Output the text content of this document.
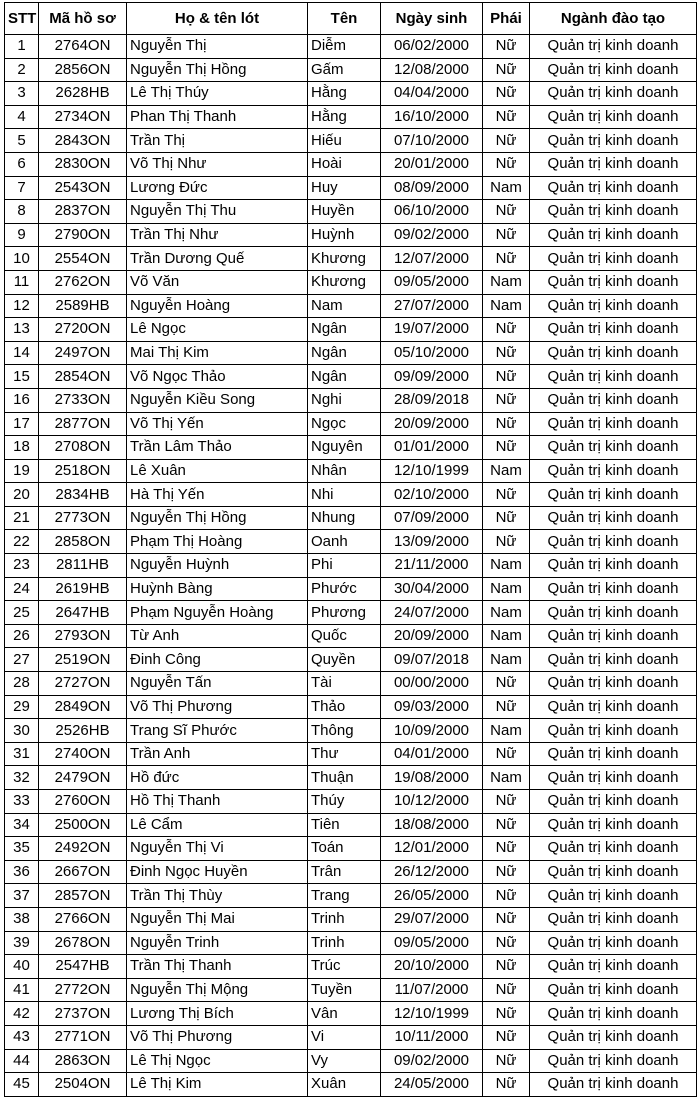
STT	Mã hồ sơ	Họ & tên lót	Tên	Ngày sinh	Phái	Ngành đào tạo
1	2764ON	Nguyễn Thị	Diễm	06/02/2000	Nữ	Quản trị kinh doanh
2	2856ON	Nguyễn Thị Hồng	Gấm	12/08/2000	Nữ	Quản trị kinh doanh
3	2628HB	Lê Thị Thúy	Hằng	04/04/2000	Nữ	Quản trị kinh doanh
4	2734ON	Phan Thị Thanh	Hằng	16/10/2000	Nữ	Quản trị kinh doanh
5	2843ON	Trần Thị	Hiếu	07/10/2000	Nữ	Quản trị kinh doanh
6	2830ON	Võ Thị Như	Hoài	20/01/2000	Nữ	Quản trị kinh doanh
7	2543ON	Lương Đức	Huy	08/09/2000	Nam	Quản trị kinh doanh
8	2837ON	Nguyễn Thị Thu	Huyền	06/10/2000	Nữ	Quản trị kinh doanh
9	2790ON	Trần Thị Như	Huỳnh	09/02/2000	Nữ	Quản trị kinh doanh
10	2554ON	Trần Dương Quế	Khương	12/07/2000	Nữ	Quản trị kinh doanh
11	2762ON	Võ Văn	Khương	09/05/2000	Nam	Quản trị kinh doanh
12	2589HB	Nguyễn Hoàng	Nam	27/07/2000	Nam	Quản trị kinh doanh
13	2720ON	Lê Ngọc	Ngân	19/07/2000	Nữ	Quản trị kinh doanh
14	2497ON	Mai Thị Kim	Ngân	05/10/2000	Nữ	Quản trị kinh doanh
15	2854ON	Võ Ngọc Thảo	Ngân	09/09/2000	Nữ	Quản trị kinh doanh
16	2733ON	Nguyễn Kiều Song	Nghi	28/09/2018	Nữ	Quản trị kinh doanh
17	2877ON	Võ Thị Yến	Ngọc	20/09/2000	Nữ	Quản trị kinh doanh
18	2708ON	Trần Lâm Thảo	Nguyên	01/01/2000	Nữ	Quản trị kinh doanh
19	2518ON	Lê Xuân	Nhân	12/10/1999	Nam	Quản trị kinh doanh
20	2834HB	Hà Thị Yến	Nhi	02/10/2000	Nữ	Quản trị kinh doanh
21	2773ON	Nguyễn Thị Hồng	Nhung	07/09/2000	Nữ	Quản trị kinh doanh
22	2858ON	Phạm Thị Hoàng	Oanh	13/09/2000	Nữ	Quản trị kinh doanh
23	2811HB	Nguyễn Huỳnh	Phi	21/11/2000	Nam	Quản trị kinh doanh
24	2619HB	Huỳnh Bàng	Phước	30/04/2000	Nam	Quản trị kinh doanh
25	2647HB	Phạm Nguyễn Hoàng	Phương	24/07/2000	Nam	Quản trị kinh doanh
26	2793ON	Từ Anh	Quốc	20/09/2000	Nam	Quản trị kinh doanh
27	2519ON	Đinh Công	Quyền	09/07/2018	Nam	Quản trị kinh doanh
28	2727ON	Nguyễn Tấn	Tài	00/00/2000	Nữ	Quản trị kinh doanh
29	2849ON	Võ Thị Phương	Thảo	09/03/2000	Nữ	Quản trị kinh doanh
30	2526HB	Trang Sĩ Phước	Thông	10/09/2000	Nam	Quản trị kinh doanh
31	2740ON	Trần Anh	Thư	04/01/2000	Nữ	Quản trị kinh doanh
32	2479ON	Hồ đức	Thuận	19/08/2000	Nam	Quản trị kinh doanh
33	2760ON	Hồ Thị Thanh	Thúy	10/12/2000	Nữ	Quản trị kinh doanh
34	2500ON	Lê Cẩm	Tiên	18/08/2000	Nữ	Quản trị kinh doanh
35	2492ON	Nguyễn Thị Vi	Toán	12/01/2000	Nữ	Quản trị kinh doanh
36	2667ON	Đinh Ngọc Huyền	Trân	26/12/2000	Nữ	Quản trị kinh doanh
37	2857ON	Trần Thị Thùy	Trang	26/05/2000	Nữ	Quản trị kinh doanh
38	2766ON	Nguyễn Thị Mai	Trinh	29/07/2000	Nữ	Quản trị kinh doanh
39	2678ON	Nguyễn Trinh	Trinh	09/05/2000	Nữ	Quản trị kinh doanh
40	2547HB	Trần Thị Thanh	Trúc	20/10/2000	Nữ	Quản trị kinh doanh
41	2772ON	Nguyễn Thị Mộng	Tuyền	11/07/2000	Nữ	Quản trị kinh doanh
42	2737ON	Lương Thị Bích	Vân	12/10/1999	Nữ	Quản trị kinh doanh
43	2771ON	Võ Thị Phương	Vi	10/11/2000	Nữ	Quản trị kinh doanh
44	2863ON	Lê Thị Ngọc	Vy	09/02/2000	Nữ	Quản trị kinh doanh
45	2504ON	Lê Thị Kim	Xuân	24/05/2000	Nữ	Quản trị kinh doanh
